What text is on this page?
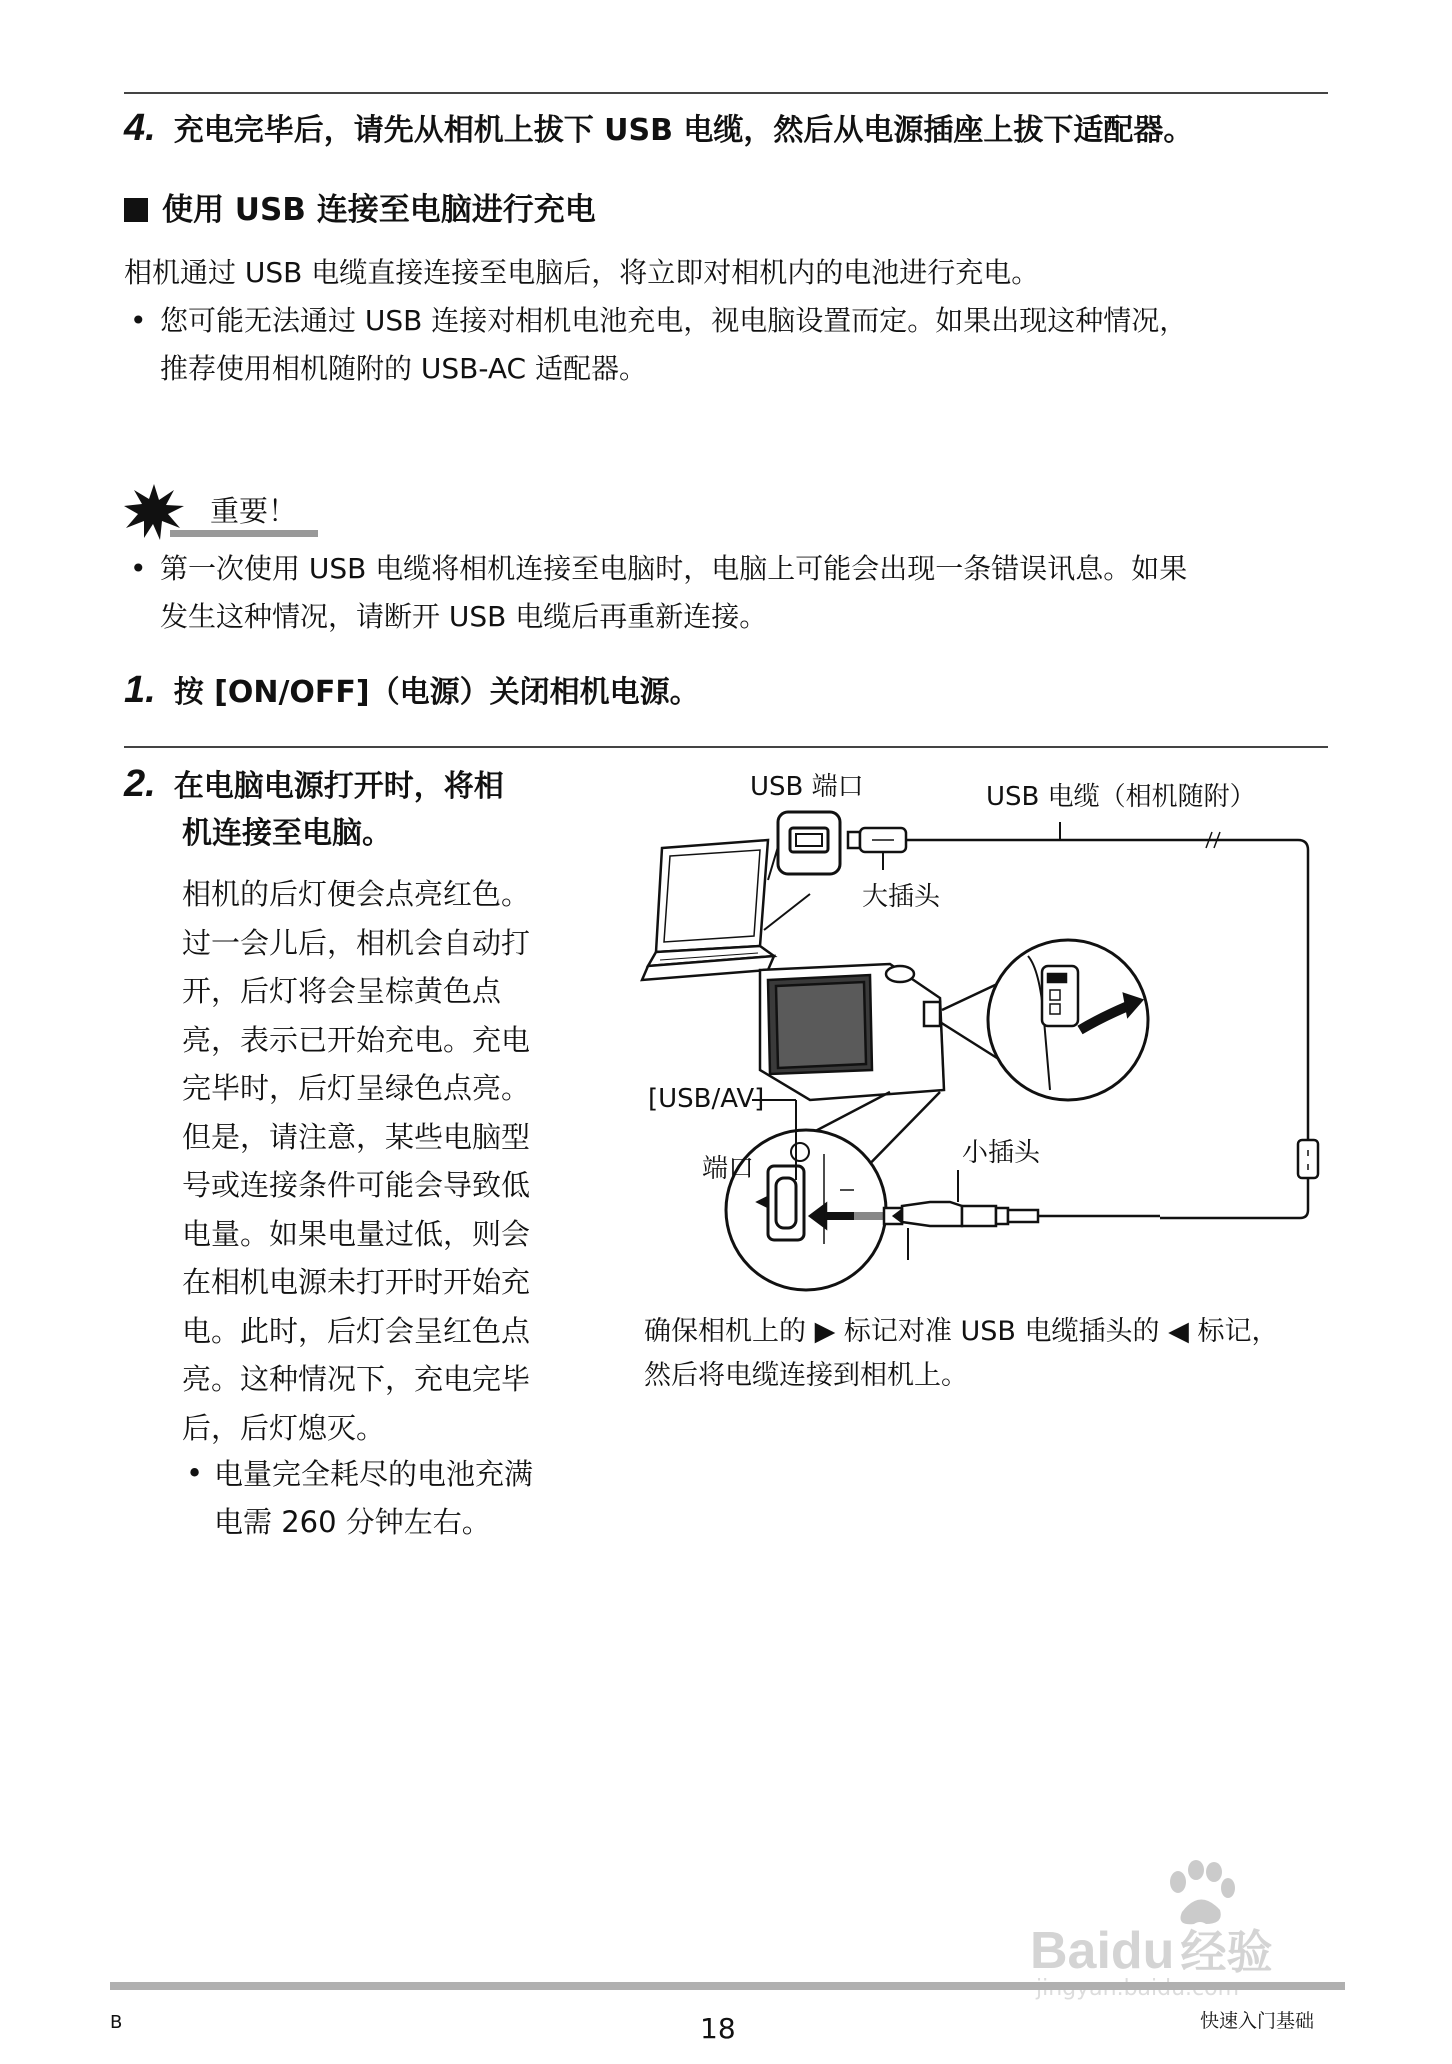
4. 充电完毕后，请先从相机上拔下 USB 电缆，然后从电源插座上拔下适配器。
使用 USB 连接至电脑进行充电
相机通过 USB 电缆直接连接至电脑后，将立即对相机内的电池进行充电。
• 您可能无法通过 USB 连接对相机电池充电，视电脑设置而定。如果出现这种情况，
推荐使用相机随附的 USB-AC 适配器。
重要！
• 第一次使用 USB 电缆将相机连接至电脑时，电脑上可能会出现一条错误讯息。如果
发生这种情况，请断开 USB 电缆后再重新连接。
1. 按 [ON/OFF]（电源）关闭相机电源。
2. 在电脑电源打开时，将相
机连接至电脑。
相机的后灯便会点亮红色。
过一会儿后，相机会自动打
开，后灯将会呈棕黄色点
亮，表示已开始充电。充电
完毕时，后灯呈绿色点亮。
但是，请注意，某些电脑型
号或连接条件可能会导致低
电量。如果电量过低，则会
在相机电源未打开时开始充
电。此时，后灯会呈红色点
亮。这种情况下，充电完毕
后，后灯熄灭。
• 电量完全耗尽的电池充满
电需 260 分钟左右。
USB 端口	USB 电缆（相机随附）
大插头
[USB/AV]
端口
小插头
确保相机上的 ▶ 标记对准 USB 电缆插头的 ◀ 标记，
然后将电缆连接到相机上。
Baidu 经验
B	18	快速入门基础
